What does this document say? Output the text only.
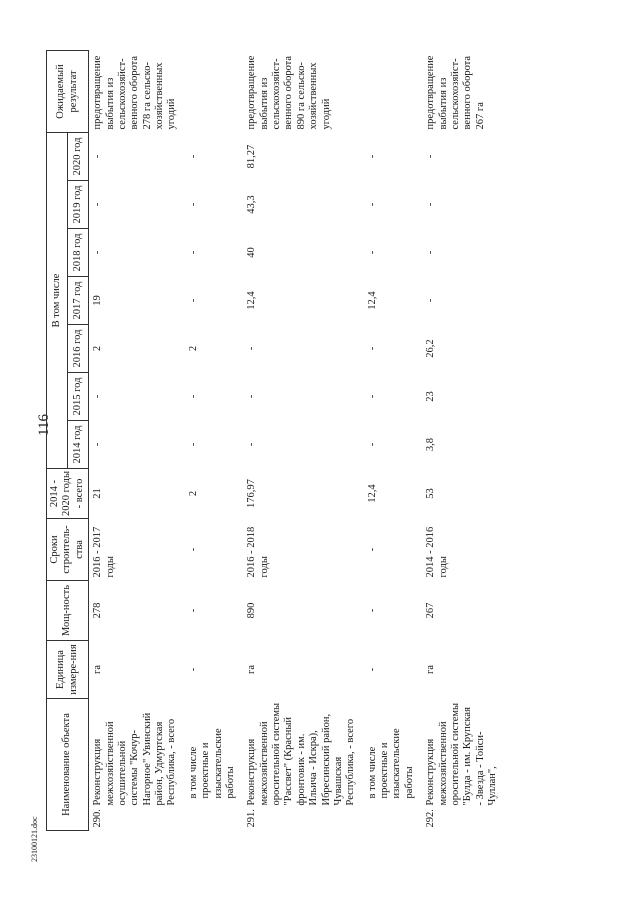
116
23100121.doc
Наименование объекта		Единица измере-ния	Мощ-ность	Сроки строитель-ства	2014 - 2020 годы - всего	В том числе							Ожидаемый результат
						2014 год	2015 год	2016 год	2017 год	2018 год	2019 год	2020 год	
290.	Реконструкция межхозяйственной осушительной системы "Кочур-Нагорное" Увинский район, Удмуртская Республика, - всего	га	278	2016 - 2017 годы	21	-	-	2	19	-	-	-	предотвращение выбытия из сельскохозяйст-венного оборота 278 га сельско-хозяйственных угодий
	в том числе проектные и изыскательские работы	-	-	-	2	-	-	2	-	-	-	-	
291.	Реконструкция межхозяйственной оросительной системы "Рассвет" (Красный фронтовик - им. Ильича - Искра), Ибресинский район, Чувашская Республика, - всего	га	890	2016 - 2018 годы	176,97	-	-	-	12,4	40	43,3	81,27	предотвращение выбытия из сельскохозяйст-венного оборота 890 га сельско-хозяйственных угодий
	в том числе проектные и изыскательские работы	-	-	-	12,4	-	-	-	12,4	-	-	-	
292.	Реконструкция межхозяйственной оросительной системы "Булда - им. Крупская - Звезда - Тойси-Чуллан",	га	267	2014 - 2016 годы	53	3,8	23	26,2	-	-	-	-	предотвращение выбытия из сельскохозяйст-венного оборота 267 га
